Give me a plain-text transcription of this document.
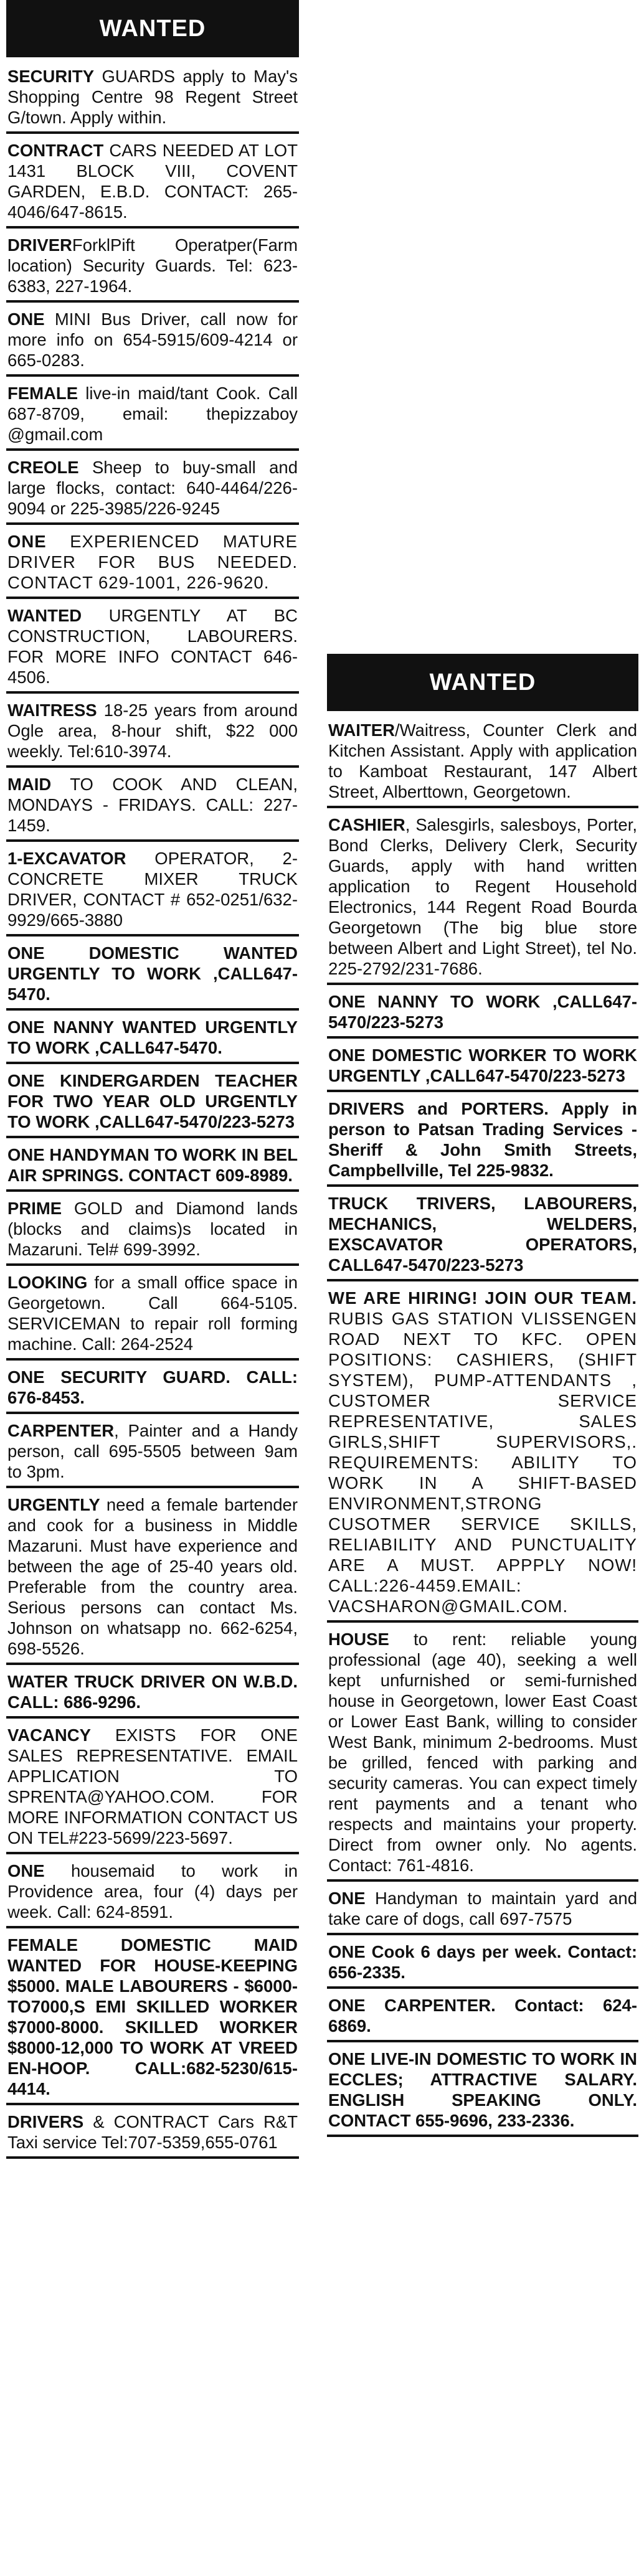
WANTED
SECURITY GUARDS apply to May's Shopping Centre 98 Regent Street G/town. Apply within.
CONTRACT CARS NEEDED AT LOT 1431 BLOCK VIII, COVENT GARDEN, E.B.D. CONTACT: 265-4046/647-8615.
DRIVERForklPift Operatper(Farm location) Security Guards. Tel: 623-6383, 227-1964.
ONE MINI Bus Driver, call now for more info on 654-5915/609-4214 or 665-0283.
FEMALE live-in maid/tant Cook. Call 687-8709, email: thepizzaboy @gmail.com
CREOLE Sheep to buy-small and large flocks, contact: 640-4464/226-9094 or 225-3985/226-9245
ONE EXPERIENCED MATURE DRIVER FOR BUS NEEDED. CONTACT 629-1001, 226-9620.
WANTED URGENTLY AT BC CONSTRUCTION, LABOURERS. FOR MORE INFO CONTACT 646-4506.
WAITRESS 18-25 years from around Ogle area, 8-hour shift, $22 000 weekly. Tel:610-3974.
MAID TO COOK AND CLEAN, MONDAYS - FRIDAYS. CALL: 227-1459.
1-EXCAVATOR OPERATOR, 2- CONCRETE MIXER TRUCK DRIVER, CONTACT # 652-0251/632-9929/665-3880
ONE DOMESTIC WANTED URGENTLY TO WORK ,CALL647-5470.
ONE NANNY WANTED URGENTLY TO WORK ,CALL647-5470.
ONE KINDERGARDEN TEACHER FOR TWO YEAR OLD URGENTLY TO WORK ,CALL647-5470/223-5273
ONE HANDYMAN TO WORK IN BEL AIR SPRINGS. CONTACT 609-8989.
PRIME GOLD and Diamond lands (blocks and claims)s located in Mazaruni. Tel# 699-3992.
LOOKING for a small office space in Georgetown. Call 664-5105. SERVICEMAN to repair roll forming machine. Call: 264-2524
ONE SECURITY GUARD. CALL: 676-8453.
CARPENTER, Painter and a Handy person, call 695-5505 between 9am to 3pm.
URGENTLY need a female bartender and cook for a business in Middle Mazaruni. Must have experience and between the age of 25-40 years old. Preferable from the country area. Serious persons can contact Ms. Johnson on whatsapp no. 662-6254, 698-5526.
WATER TRUCK DRIVER ON W.B.D. CALL: 686-9296.
VACANCY EXISTS FOR ONE SALES REPRESENTATIVE. EMAIL APPLICATION TO SPRENTA@YAHOO.COM. FOR MORE INFORMATION CONTACT US ON TEL#223-5699/223-5697.
ONE housemaid to work in Providence area, four (4) days per week. Call: 624-8591.
FEMALE DOMESTIC MAID WANTED FOR HOUSE-KEEPING $5000. MALE LABOURERS - $6000-TO7000,S EMI SKILLED WORKER $7000-8000. SKILLED WORKER $8000-12,000 TO WORK AT VREED EN-HOOP. CALL:682-5230/615-4414.
DRIVERS & CONTRACT Cars R&T Taxi service Tel:707-5359,655-0761
WANTED
WAITER/Waitress, Counter Clerk and Kitchen Assistant. Apply with application to Kamboat Restaurant, 147 Albert Street, Alberttown, Georgetown.
CASHIER, Salesgirls, salesboys, Porter, Bond Clerks, Delivery Clerk, Security Guards, apply with hand written application to Regent Household Electronics, 144 Regent Road Bourda Georgetown (The big blue store between Albert and Light Street), tel No. 225-2792/231-7686.
ONE NANNY TO WORK ,CALL647-5470/223-5273
ONE DOMESTIC WORKER TO WORK URGENTLY ,CALL647-5470/223-5273
DRIVERS and PORTERS. Apply in person to Patsan Trading Services - Sheriff & John Smith Streets, Campbellville, Tel 225-9832.
TRUCK TRIVERS, LABOURERS, MECHANICS, WELDERS, EXSCAVATOR OPERATORS, CALL647-5470/223-5273
WE ARE HIRING! JOIN OUR TEAM. RUBIS GAS STATION VLISSENGEN ROAD NEXT TO KFC. OPEN POSITIONS: CASHIERS, (SHIFT SYSTEM), PUMP-ATTENDANTS , CUSTOMER SERVICE REPRESENTATIVE, SALES GIRLS,SHIFT SUPERVISORS,. REQUIREMENTS: ABILITY TO WORK IN A SHIFT-BASED ENVIRONMENT,STRONG CUSOTMER SERVICE SKILLS, RELIABILITY AND PUNCTUALITY ARE A MUST. APPPLY NOW! CALL:226-4459.EMAIL: VACSHARON@GMAIL.COM.
HOUSE to rent: reliable young professional (age 40), seeking a well kept unfurnished or semi-furnished house in Georgetown, lower East Coast or Lower East Bank, willing to consider West Bank, minimum 2-bedrooms. Must be grilled, fenced with parking and security cameras. You can expect timely rent payments and a tenant who respects and maintains your property. Direct from owner only. No agents. Contact: 761-4816.
ONE Handyman to maintain yard and take care of dogs, call 697-7575
ONE Cook 6 days per week. Contact: 656-2335.
ONE CARPENTER. Contact: 624-6869.
ONE LIVE-IN DOMESTIC TO WORK IN ECCLES; ATTRACTIVE SALARY. ENGLISH SPEAKING ONLY. CONTACT 655-9696, 233-2336.
